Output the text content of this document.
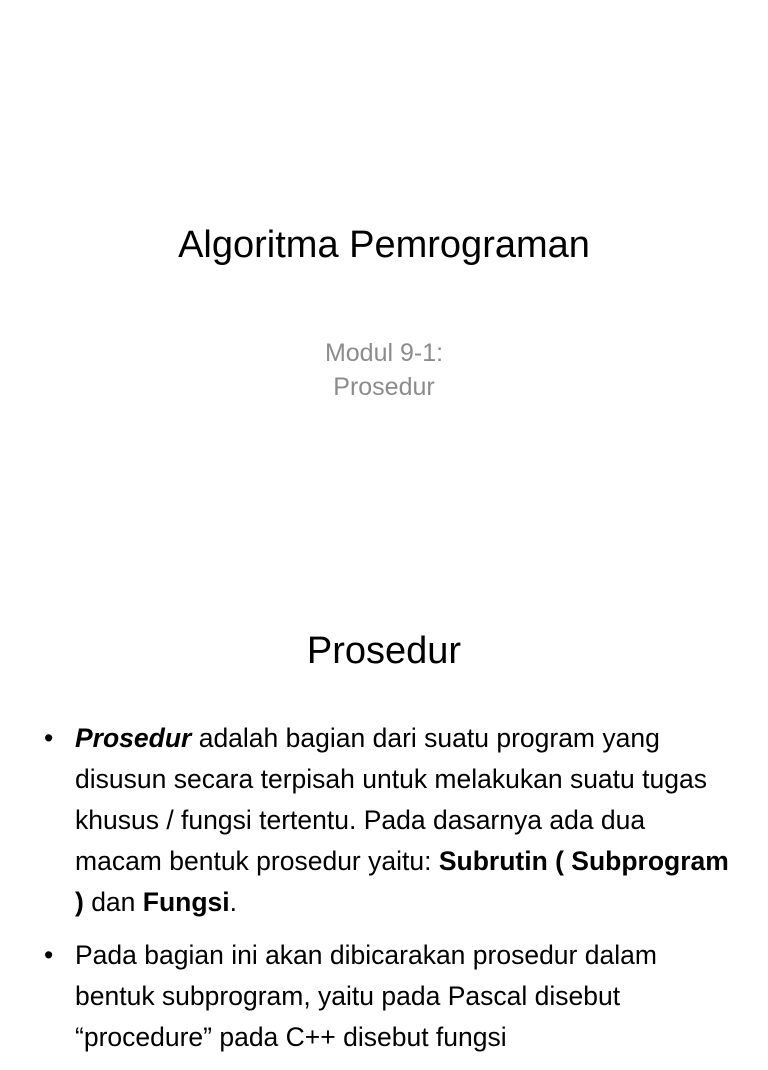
Algoritma Pemrograman
Modul 9-1:
Prosedur
Prosedur
• Prosedur adalah bagian dari suatu program yang disusun secara terpisah untuk melakukan suatu tugas khusus / fungsi tertentu. Pada dasarnya ada dua macam bentuk prosedur yaitu: Subrutin ( Subprogram ) dan Fungsi.
• Pada bagian ini akan dibicarakan prosedur dalam bentuk subprogram, yaitu pada Pascal disebut “procedure” pada C++ disebut fungsi
